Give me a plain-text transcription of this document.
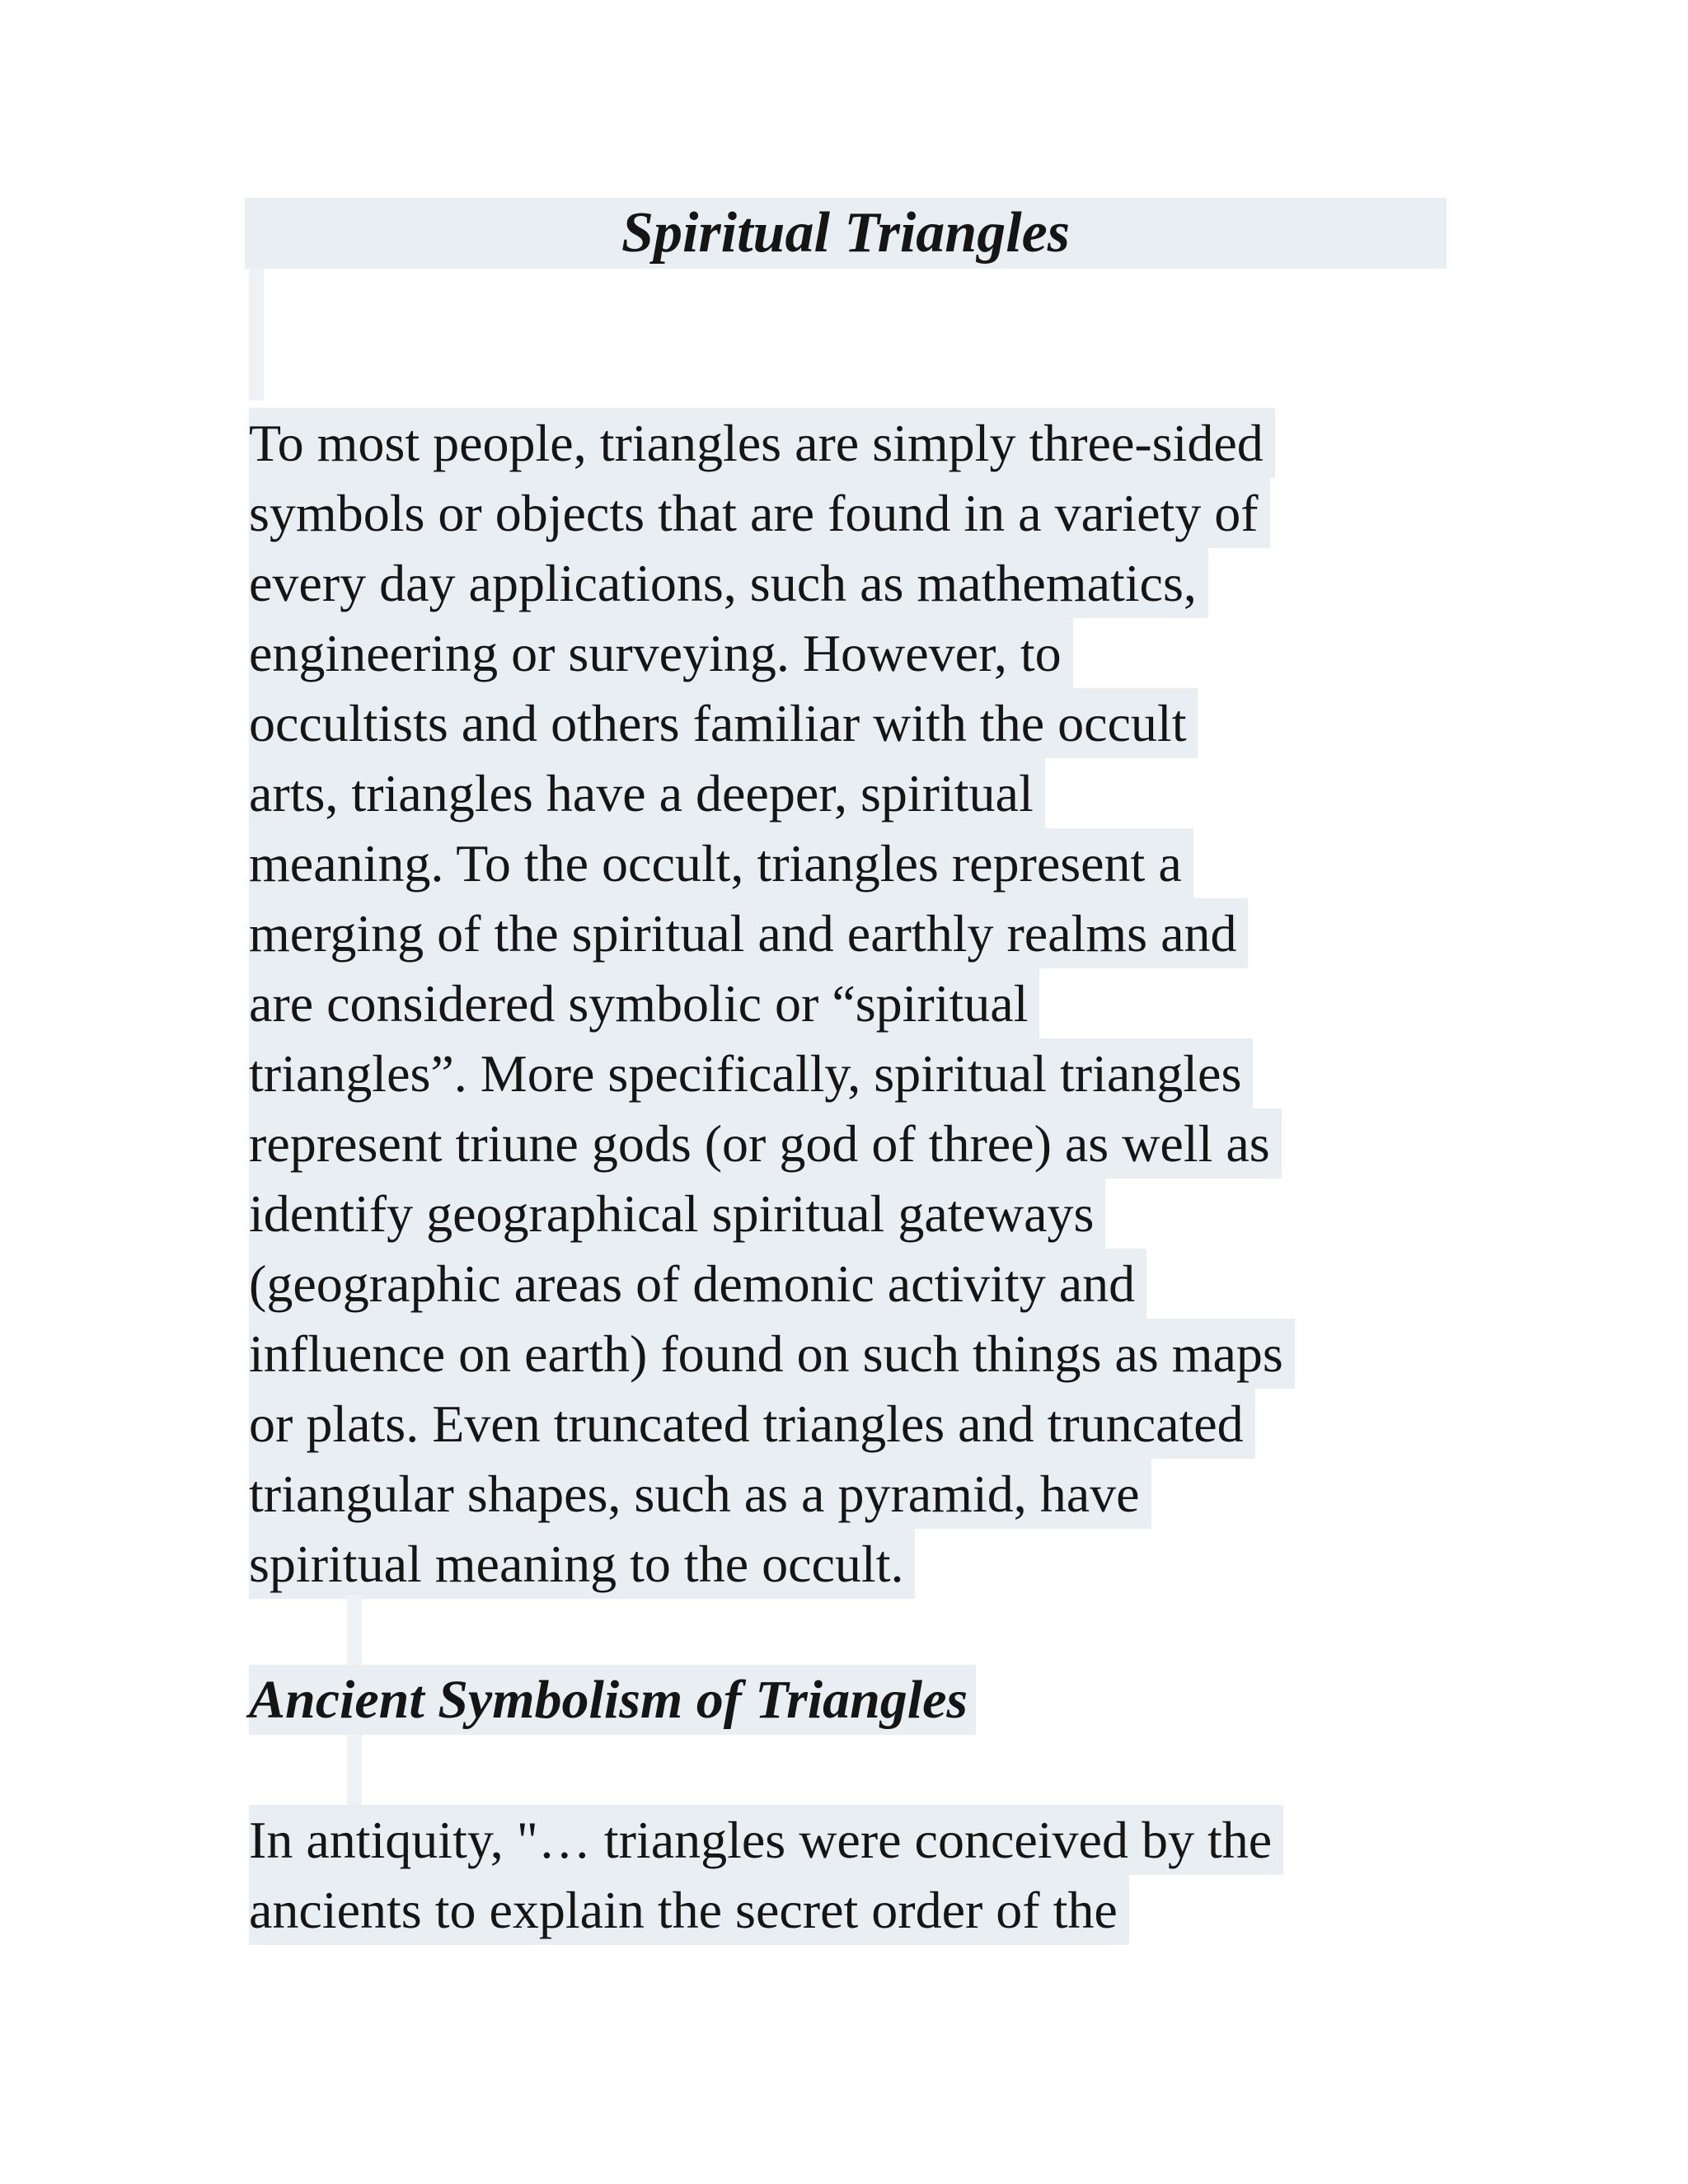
Spiritual Triangles
To most people, triangles are simply three-sided
symbols or objects that are found in a variety of
every day applications, such as mathematics,
engineering or surveying. However, to
occultists and others familiar with the occult
arts, triangles have a deeper, spiritual
meaning. To the occult, triangles represent a
merging of the spiritual and earthly realms and
are considered symbolic or “spiritual
triangles”. More specifically, spiritual triangles
represent triune gods (or god of three) as well as
identify geographical spiritual gateways
(geographic areas of demonic activity and
influence on earth) found on such things as maps
or plats. Even truncated triangles and truncated
triangular shapes, such as a pyramid, have
spiritual meaning to the occult.
Ancient Symbolism of Triangles
In antiquity, "… triangles were conceived by the
ancients to explain the secret order of the
